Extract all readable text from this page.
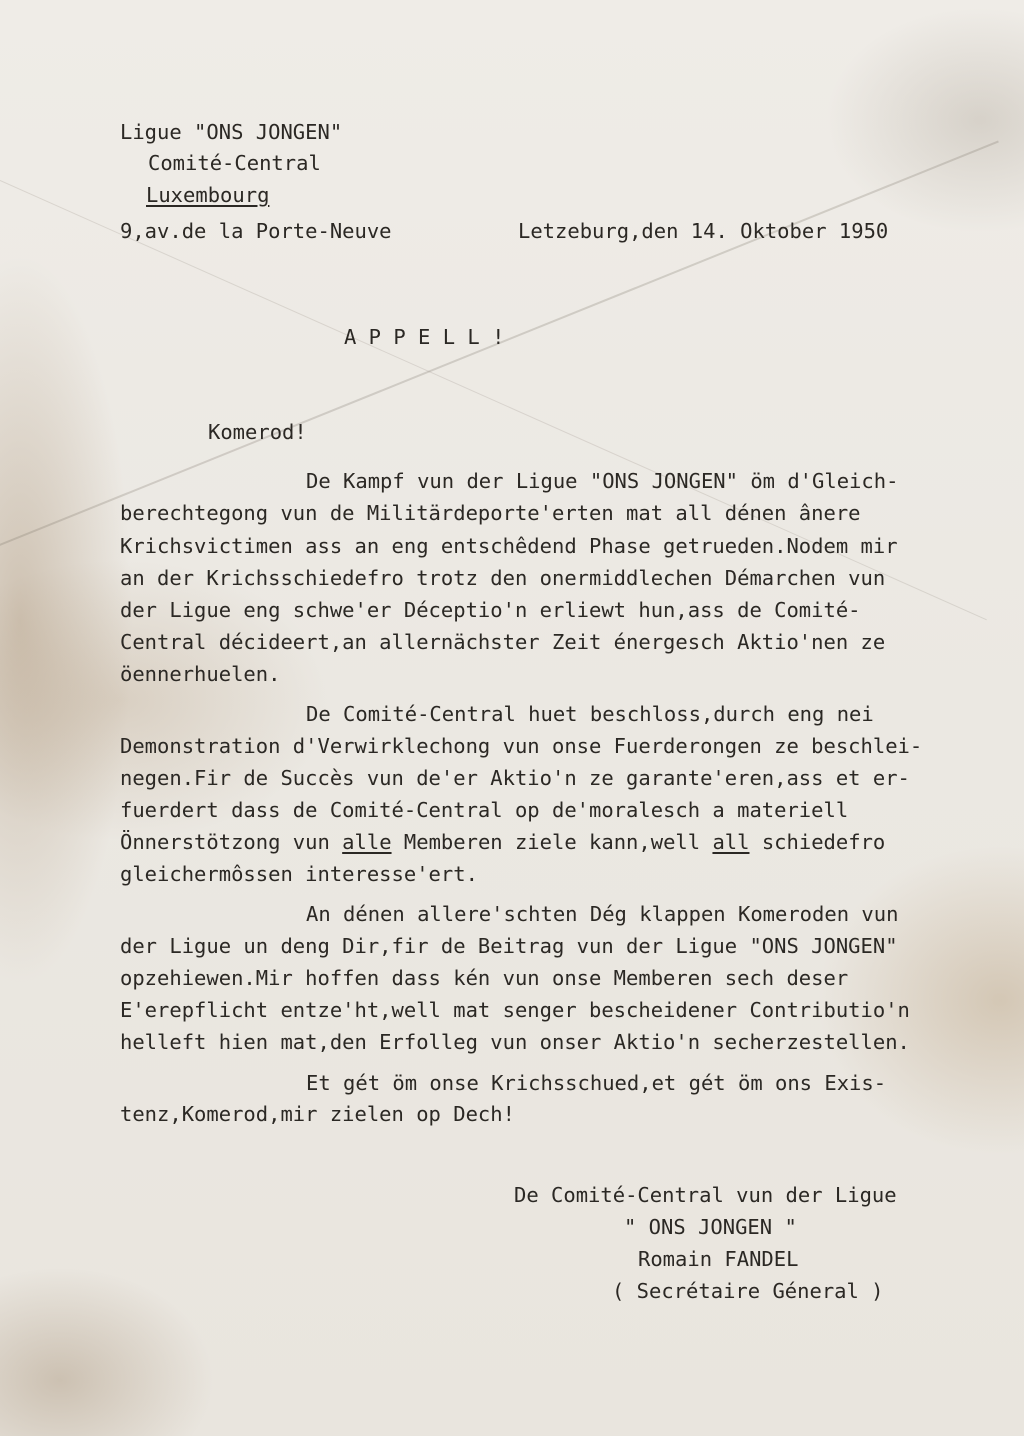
Ligue "ONS JONGEN"
Comité-Central
Luxembourg
9,av.de la Porte-Neuve	Letzeburg,den 14. Oktober 1950
A P P E L L !
Komerod!
De Kampf vun der Ligue "ONS JONGEN" öm d'Gleich-
berechtegong vun de Militärdeporte'erten mat all dénen ânere
Krichsvictimen ass an eng entschêdend Phase getrueden.Nodem mir
an der Krichsschiedefro trotz den onermiddlechen Démarchen vun
der Ligue eng schwe'er Déceptio'n erliewt hun,ass de Comité-
Central décideert,an allernächster Zeit énergesch Aktio'nen ze
öennerhuelen.
De Comité-Central huet beschloss,durch eng nei
Demonstration d'Verwirklechong vun onse Fuerderongen ze beschlei-
negen.Fir de Succès vun de'er Aktio'n ze garante'eren,ass et er-
fuerdert dass de Comité-Central op de'moralesch a materiell
Önnerstötzong vun alle Memberen ziele kann,well all schiedefro
gleichermôssen interesse'ert.
An dénen allere'schten Dég klappen Komeroden vun
der Ligue un deng Dir,fir de Beitrag vun der Ligue "ONS JONGEN"
opzehiewen.Mir hoffen dass kén vun onse Memberen sech deser
E'erepflicht entze'ht,well mat senger bescheidener Contributio'n
helleft hien mat,den Erfolleg vun onser Aktio'n secherzestellen.
Et gét öm onse Krichsschued,et gét öm ons Exis-
tenz,Komerod,mir zielen op Dech!
De Comité-Central vun der Ligue
" ONS JONGEN "
Romain FANDEL
( Secrétaire Géneral )
